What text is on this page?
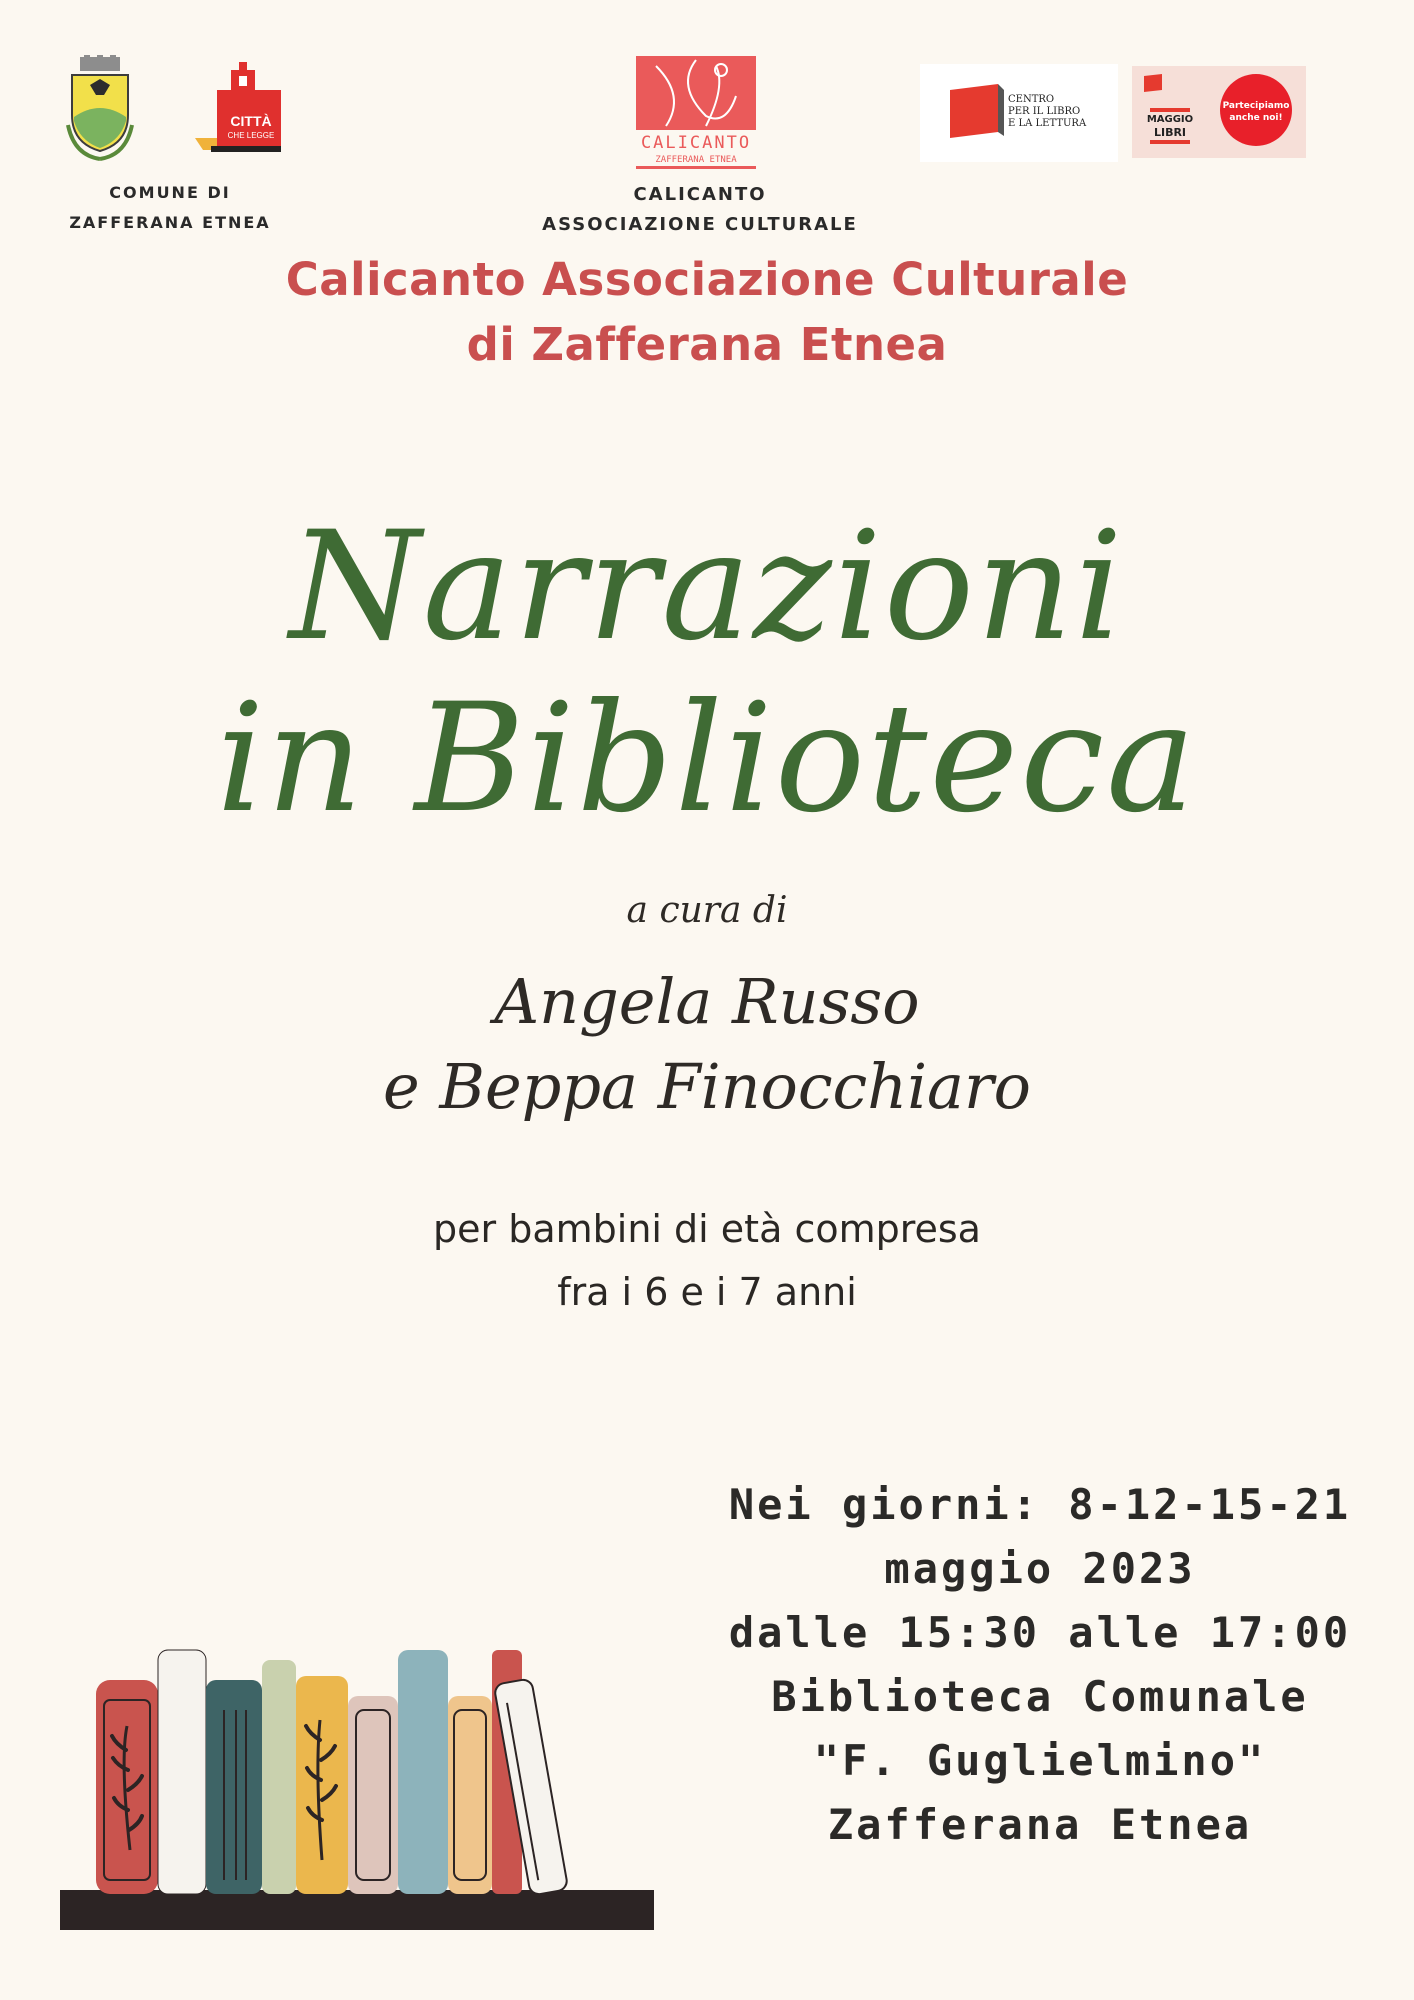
CITTÀ
CHE LEGGE
COMUNE DI
ZAFFERANA ETNEA
CALICANTO
ZAFFERANA ETNEA
CALICANTO
ASSOCIAZIONE CULTURALE
CENTRO
PER IL LIBRO
E LA LETTURA	MAGGIO
LIBRI
Partecipiamo
anche noi!
Calicanto Associazione Culturale
di Zafferana Etnea
Narrazioni
in Biblioteca
a cura di
Angela Russo
e Beppa Finocchiaro
per bambini di età compresa
fra i 6 e i 7 anni
Nei giorni: 8-12-15-21
maggio 2023
dalle 15:30 alle 17:00
Biblioteca Comunale
"F. Guglielmino"
Zafferana Etnea
